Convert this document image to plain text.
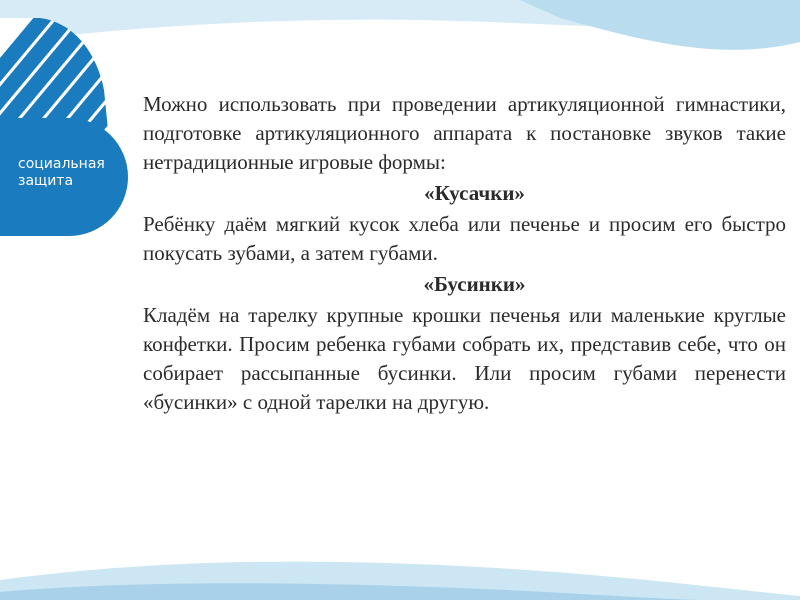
социальная
защита

Можно использовать при проведении артикуляционной гимнастики, подготовке артикуляционного аппарата к постановке звуков такие нетрадиционные игровые формы:

«Кусачки»

Ребёнку даём мягкий кусок хлеба или печенье и просим его быстро покусать зубами, а затем губами.

«Бусинки»

Кладём на тарелку крупные крошки печенья или маленькие круглые конфетки. Просим ребенка губами собрать их, представив себе, что он собирает рассыпанные бусинки. Или просим губами перенести «бусинки» с одной тарелки на другую.
